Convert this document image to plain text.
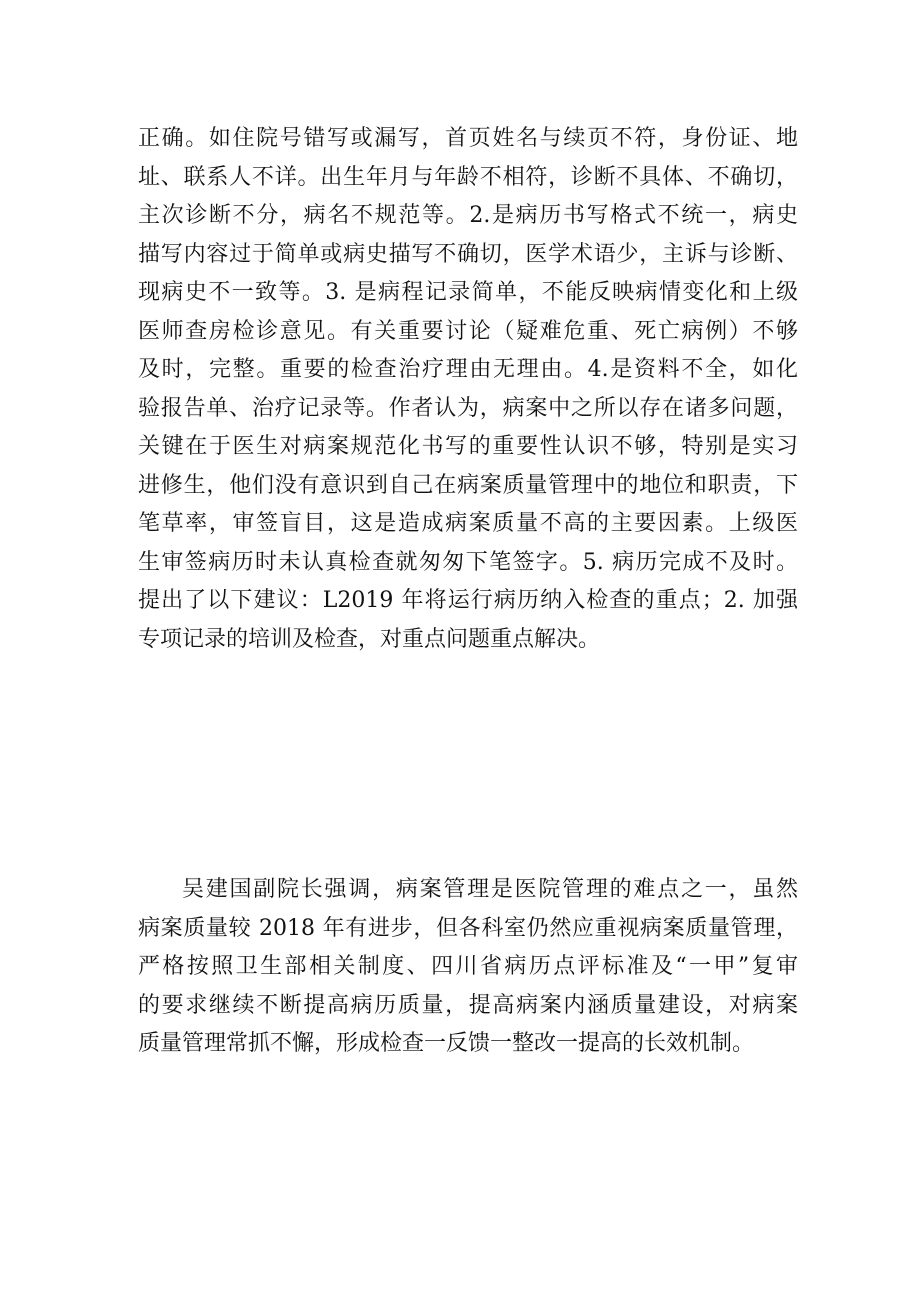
正确。如住院号错写或漏写，首页姓名与续页不符，身份证、地
址、联系人不详。出生年月与年龄不相符，诊断不具体、不确切，
主次诊断不分，病名不规范等。2.是病历书写格式不统一，病史
描写内容过于简单或病史描写不确切，医学术语少，主诉与诊断、
现病史不一致等。3. 是病程记录简单，不能反映病情变化和上级
医师查房检诊意见。有关重要讨论（疑难危重、死亡病例）不够
及时，完整。重要的检查治疗理由无理由。4.是资料不全，如化
验报告单、治疗记录等。作者认为，病案中之所以存在诸多问题，
关键在于医生对病案规范化书写的重要性认识不够，特别是实习
进修生，他们没有意识到自己在病案质量管理中的地位和职责，下
笔草率，审签盲目，这是造成病案质量不高的主要因素。上级医
生审签病历时未认真检查就匆匆下笔签字。5. 病历完成不及时。
提出了以下建议：L2019 年将运行病历纳入检查的重点；2. 加强
专项记录的培训及检查，对重点问题重点解决。
吴建国副院长强调，病案管理是医院管理的难点之一，虽然
病案质量较 2018 年有进步，但各科室仍然应重视病案质量管理，
严格按照卫生部相关制度、四川省病历点评标准及“一甲”复审
的要求继续不断提高病历质量，提高病案内涵质量建设，对病案
质量管理常抓不懈，形成检查一反馈一整改一提高的长效机制。
